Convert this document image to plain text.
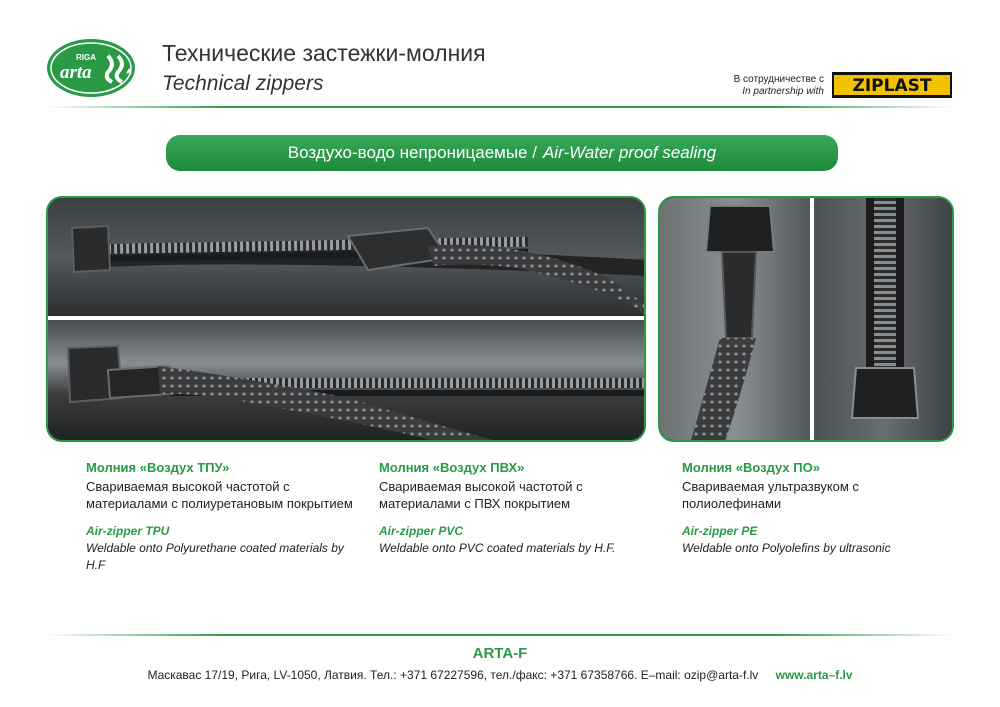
RIGA
arta
Технические застежки-молния
Technical zippers	В сотрудничестве с
In partnership with ZIPLAST
Воздухо-водо непроницаемые / Air-Water proof sealing
Молния «Воздух ТПУ»
Свариваемая высокой частотой с материалами с полиуретановым покрытием
Air-zipper TPU
Weldable onto Polyurethane coated materials by H.F
Молния «Воздух ПВХ»
Свариваемая высокой частотой с материалами с ПВХ покрытием
Air-zipper PVC
Weldable onto PVC coated materials by H.F.
Молния «Воздух ПО»
Свариваемая ультразвуком с полиолефинами
Air-zipper PE
Weldable onto Polyolefins by ultrasonic
ARTA-F
Маскавас 17/19, Рига, LV-1050, Латвия. Тел.: +371 67227596, тел./факс: +371 67358766. E–mail: ozip@arta-f.lv www.arta–f.lv
